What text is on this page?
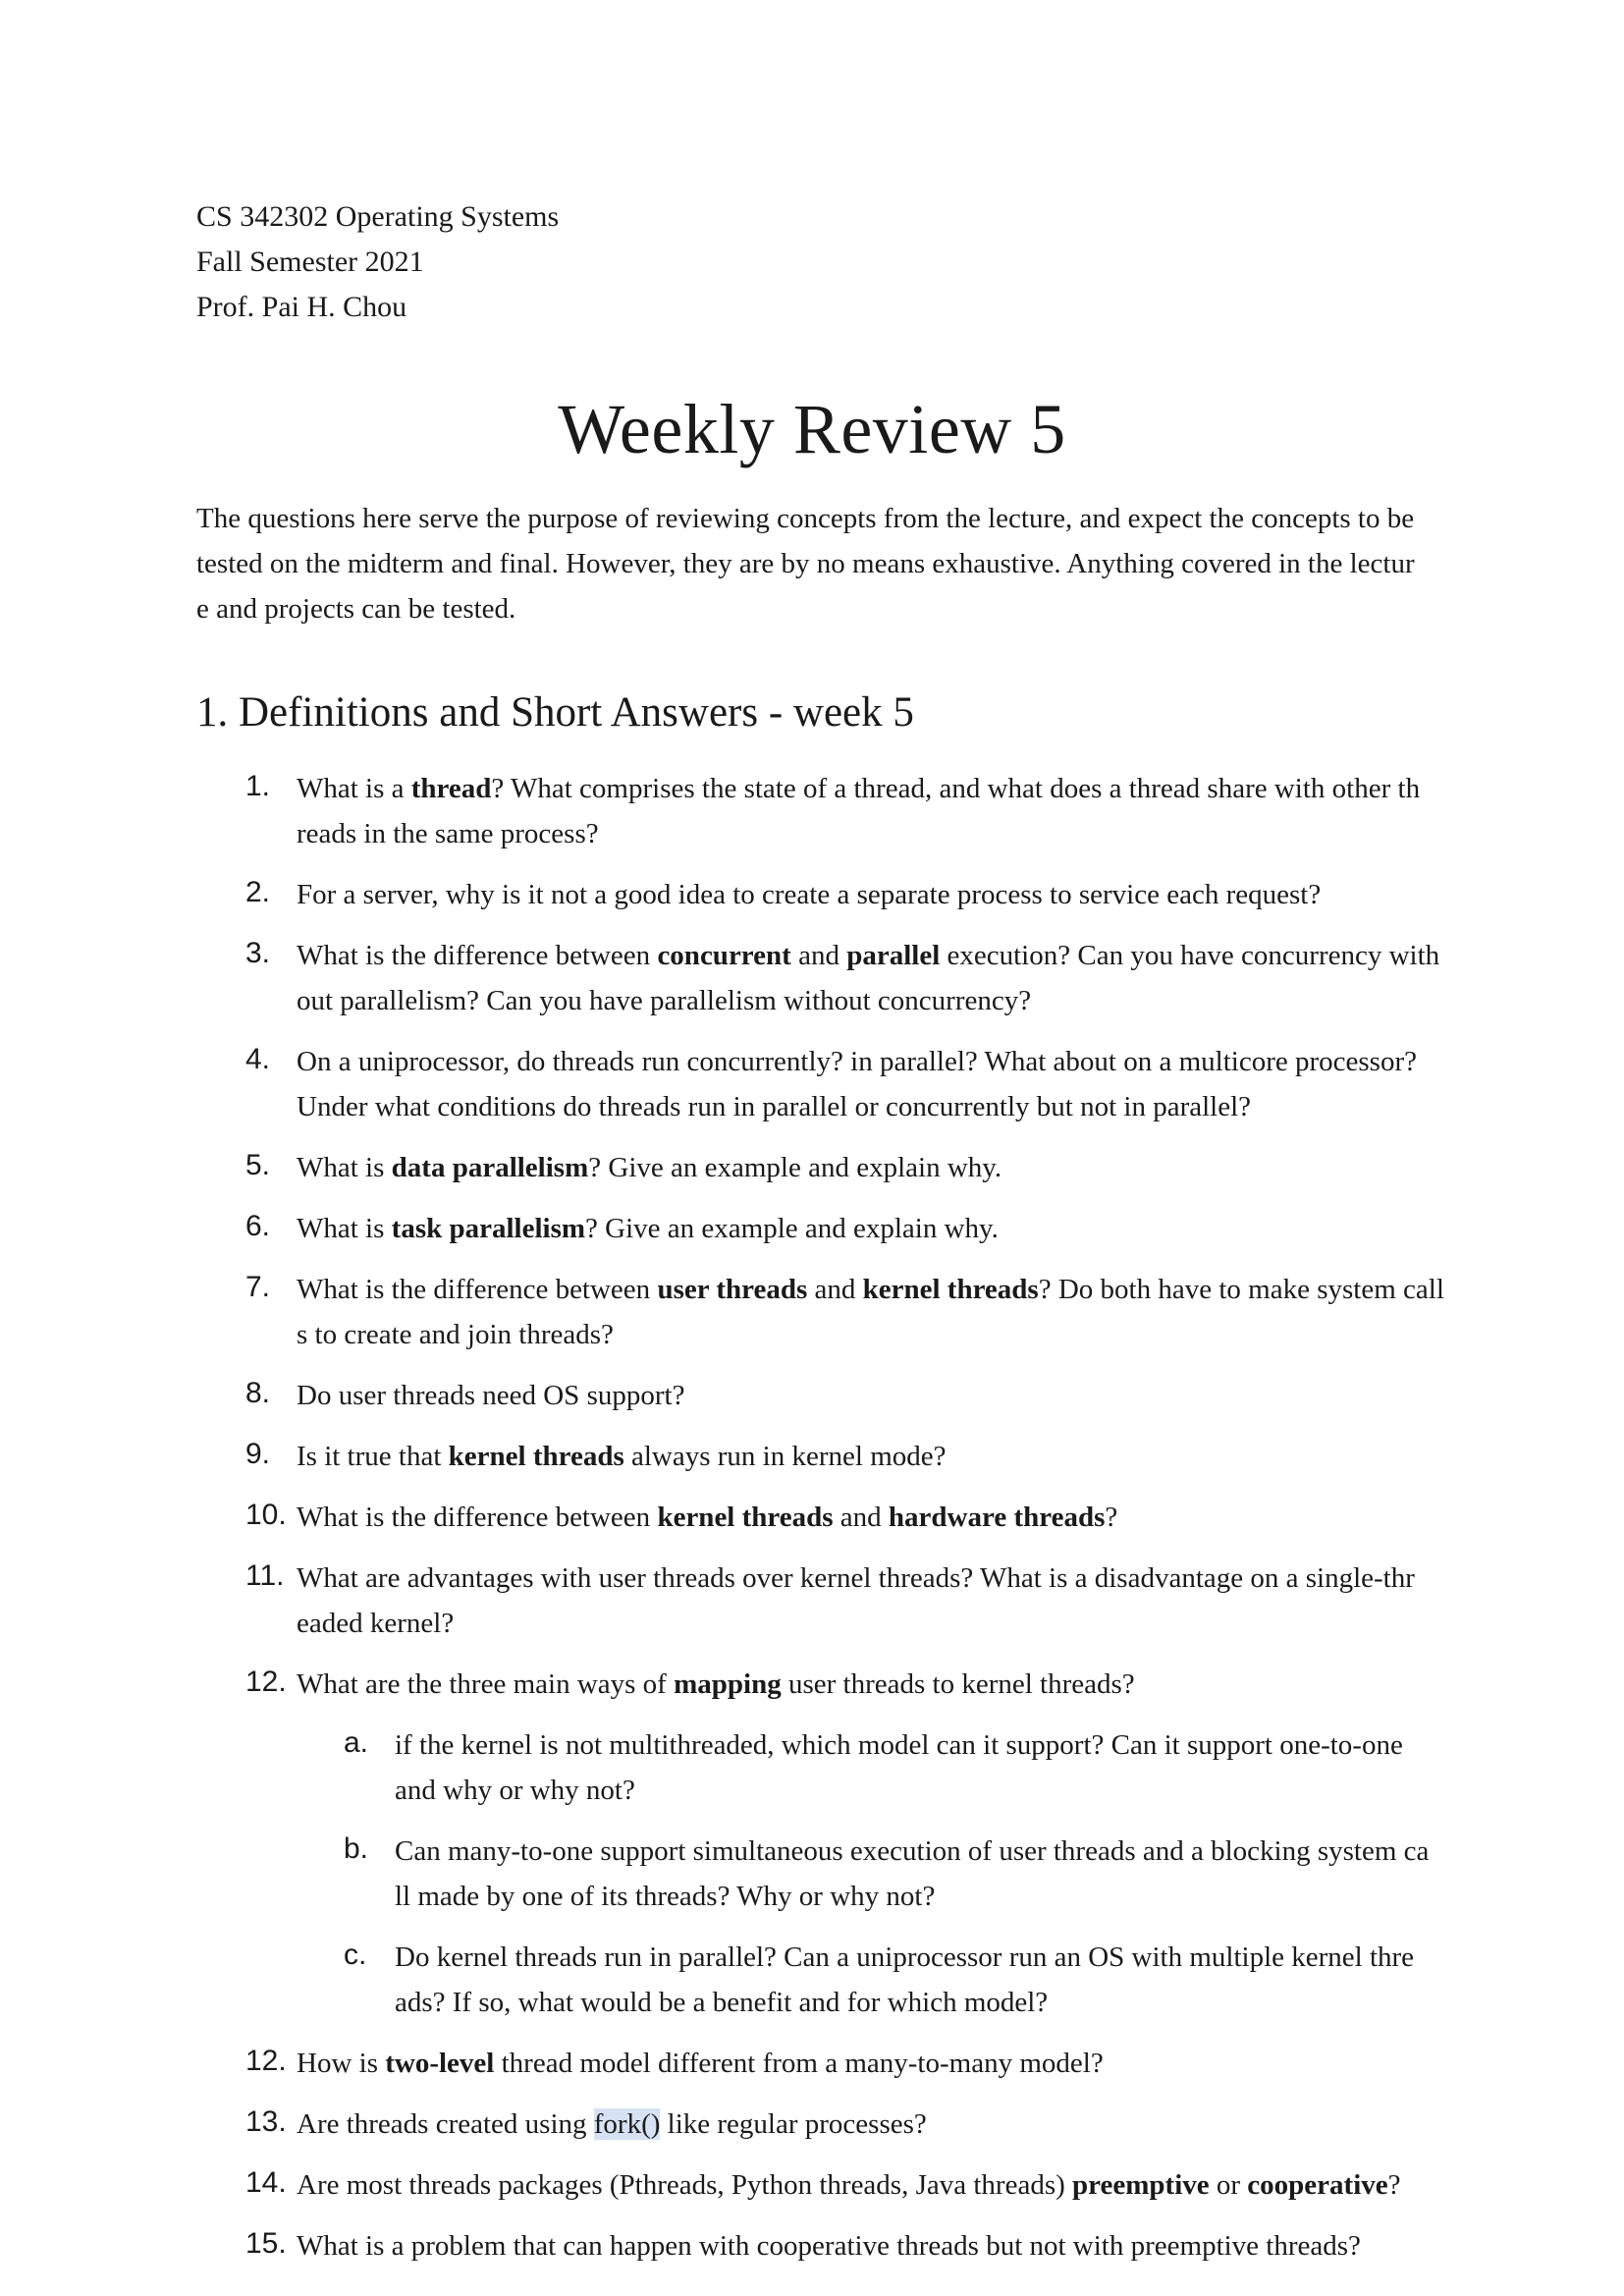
CS 342302 Operating Systems
Fall Semester 2021
Prof. Pai H. Chou
Weekly Review 5
The questions here serve the purpose of reviewing concepts from the lecture, and expect the concepts to be
tested on the midterm and final. However, they are by no means exhaustive. Anything covered in the lectur
e and projects can be tested.
1. Definitions and Short Answers - week 5
1. What is a thread? What comprises the state of a thread, and what does a thread share with other th
reads in the same process?
2. For a server, why is it not a good idea to create a separate process to service each request?
3. What is the difference between concurrent and parallel execution? Can you have concurrency with
out parallelism? Can you have parallelism without concurrency?
4. On a uniprocessor, do threads run concurrently? in parallel? What about on a multicore processor?
Under what conditions do threads run in parallel or concurrently but not in parallel?
5. What is data parallelism? Give an example and explain why.
6. What is task parallelism? Give an example and explain why.
7. What is the difference between user threads and kernel threads? Do both have to make system call
s to create and join threads?
8. Do user threads need OS support?
9. Is it true that kernel threads always run in kernel mode?
10. What is the difference between kernel threads and hardware threads?
11. What are advantages with user threads over kernel threads? What is a disadvantage on a single-thr
eaded kernel?
12. What are the three main ways of mapping user threads to kernel threads?
a. if the kernel is not multithreaded, which model can it support? Can it support one-to-one
and why or why not?
b. Can many-to-one support simultaneous execution of user threads and a blocking system ca
ll made by one of its threads? Why or why not?
c. Do kernel threads run in parallel? Can a uniprocessor run an OS with multiple kernel thre
ads? If so, what would be a benefit and for which model?
12. How is two-level thread model different from a many-to-many model?
13. Are threads created using fork() like regular processes?
14. Are most threads packages (Pthreads, Python threads, Java threads) preemptive or cooperative?
15. What is a problem that can happen with cooperative threads but not with preemptive threads?
